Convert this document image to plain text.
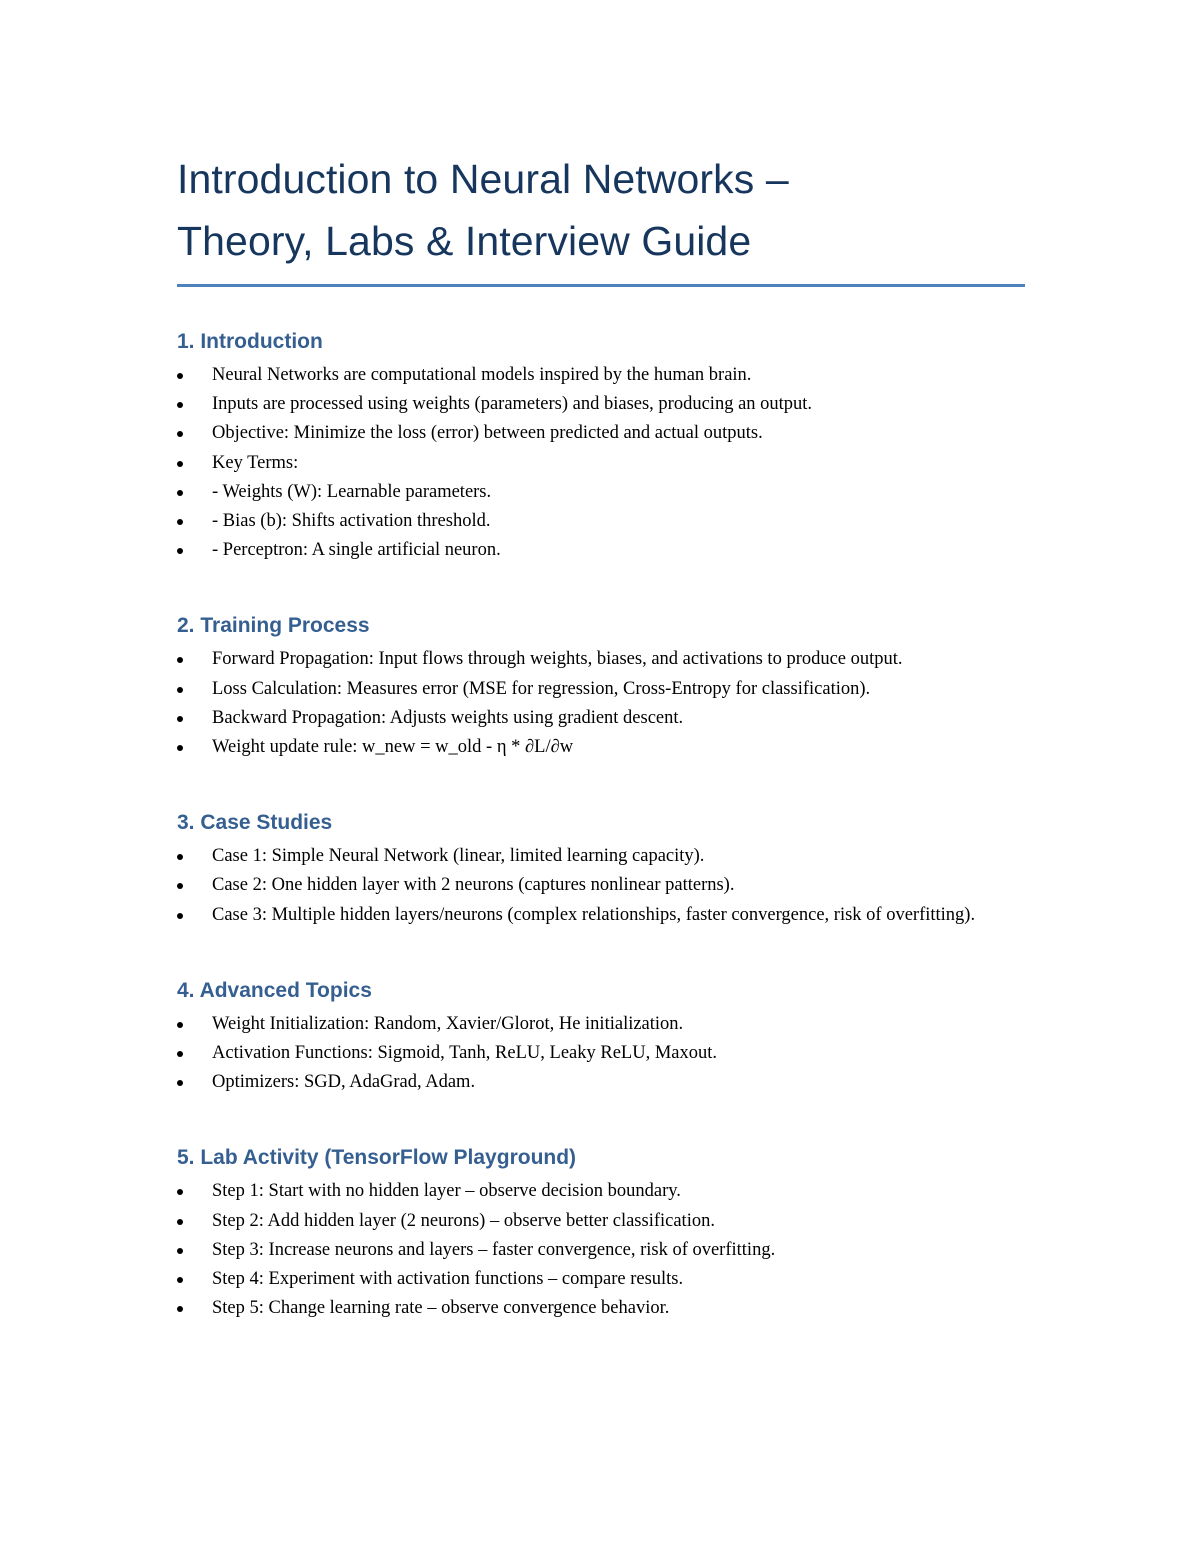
Introduction to Neural Networks –
Theory, Labs & Interview Guide
1. Introduction
Neural Networks are computational models inspired by the human brain.
Inputs are processed using weights (parameters) and biases, producing an output.
Objective: Minimize the loss (error) between predicted and actual outputs.
Key Terms:
- Weights (W): Learnable parameters.
- Bias (b): Shifts activation threshold.
- Perceptron: A single artificial neuron.
2. Training Process
Forward Propagation: Input flows through weights, biases, and activations to produce output.
Loss Calculation: Measures error (MSE for regression, Cross-Entropy for classification).
Backward Propagation: Adjusts weights using gradient descent.
Weight update rule: w_new = w_old - η * ∂L/∂w
3. Case Studies
Case 1: Simple Neural Network (linear, limited learning capacity).
Case 2: One hidden layer with 2 neurons (captures nonlinear patterns).
Case 3: Multiple hidden layers/neurons (complex relationships, faster convergence, risk of overfitting).
4. Advanced Topics
Weight Initialization: Random, Xavier/Glorot, He initialization.
Activation Functions: Sigmoid, Tanh, ReLU, Leaky ReLU, Maxout.
Optimizers: SGD, AdaGrad, Adam.
5. Lab Activity (TensorFlow Playground)
Step 1: Start with no hidden layer – observe decision boundary.
Step 2: Add hidden layer (2 neurons) – observe better classification.
Step 3: Increase neurons and layers – faster convergence, risk of overfitting.
Step 4: Experiment with activation functions – compare results.
Step 5: Change learning rate – observe convergence behavior.
